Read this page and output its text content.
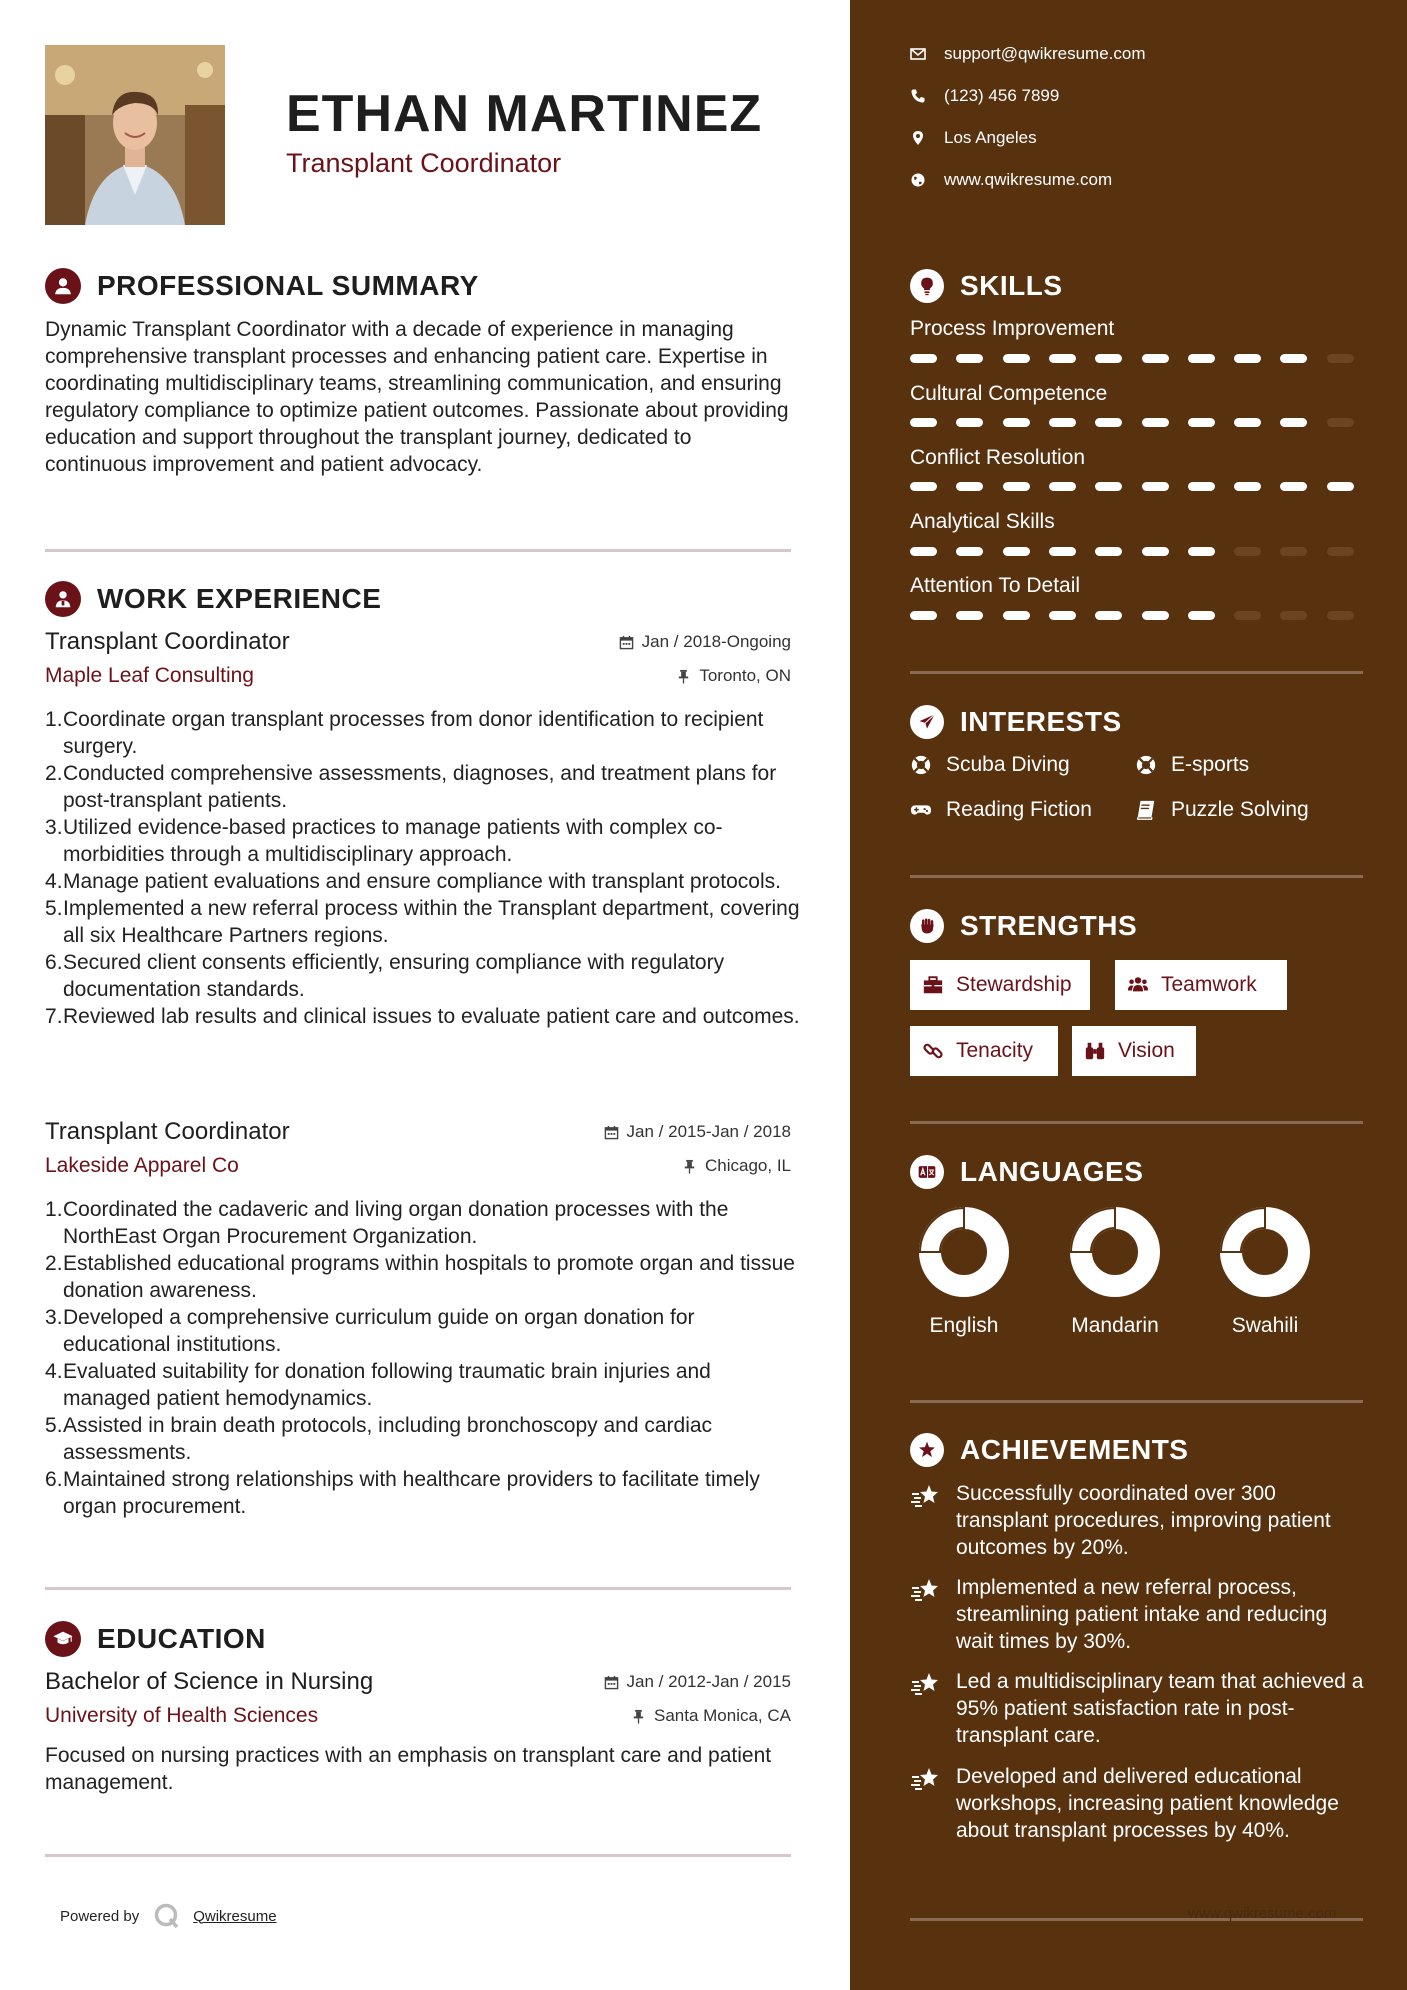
ETHAN MARTINEZ
Transplant Coordinator
PROFESSIONAL SUMMARY
Dynamic Transplant Coordinator with a decade of experience in managing comprehensive transplant processes and enhancing patient care. Expertise in coordinating multidisciplinary teams, streamlining communication, and ensuring regulatory compliance to optimize patient outcomes. Passionate about providing education and support throughout the transplant journey, dedicated to continuous improvement and patient advocacy.
WORK EXPERIENCE
Transplant Coordinator
Maple Leaf Consulting
Jan / 2018-Ongoing
Toronto, ON
Coordinate organ transplant processes from donor identification to recipient surgery.
Conducted comprehensive assessments, diagnoses, and treatment plans for post-transplant patients.
Utilized evidence-based practices to manage patients with complex co-morbidities through a multidisciplinary approach.
Manage patient evaluations and ensure compliance with transplant protocols.
Implemented a new referral process within the Transplant department, covering all six Healthcare Partners regions.
Secured client consents efficiently, ensuring compliance with regulatory documentation standards.
Reviewed lab results and clinical issues to evaluate patient care and outcomes.
Transplant Coordinator
Lakeside Apparel Co
Jan / 2015-Jan / 2018
Chicago, IL
Coordinated the cadaveric and living organ donation processes with the NorthEast Organ Procurement Organization.
Established educational programs within hospitals to promote organ and tissue donation awareness.
Developed a comprehensive curriculum guide on organ donation for educational institutions.
Evaluated suitability for donation following traumatic brain injuries and managed patient hemodynamics.
Assisted in brain death protocols, including bronchoscopy and cardiac assessments.
Maintained strong relationships with healthcare providers to facilitate timely organ procurement.
EDUCATION
Bachelor of Science in Nursing
University of Health Sciences
Jan / 2012-Jan / 2015
Santa Monica, CA
Focused on nursing practices with an emphasis on transplant care and patient management.
Powered by	Qwikresume
support@qwikresume.com
(123) 456 7899
Los Angeles
www.qwikresume.com
SKILLS
Process Improvement
Cultural Competence
Conflict Resolution
Analytical Skills
Attention To Detail
INTERESTS
Scuba Diving	E-sports
Reading Fiction	Puzzle Solving
STRENGTHS
Stewardship	Teamwork
Tenacity	Vision
LANGUAGES
English	Mandarin	Swahili
ACHIEVEMENTS
Successfully coordinated over 300 transplant procedures, improving patient outcomes by 20%.
Implemented a new referral process, streamlining patient intake and reducing wait times by 30%.
Led a multidisciplinary team that achieved a 95% patient satisfaction rate in post-transplant care.
Developed and delivered educational workshops, increasing patient knowledge about transplant processes by 40%.
www.qwikresume.com
